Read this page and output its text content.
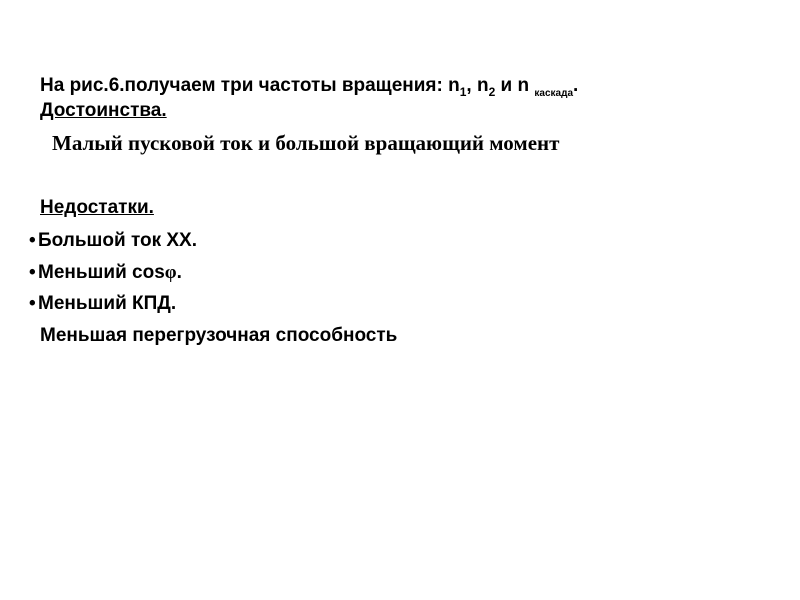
На рис.6.получаем три частоты вращения: $n_1$, $n_2$ и n $_{каскада}$.
Достоинства.
Малый пусковой ток и большой вращающий момент
Недостатки.
• Большой ток ХХ.
• Меньший cosφ.
• Меньший КПД.
Меньшая перегрузочная способность
